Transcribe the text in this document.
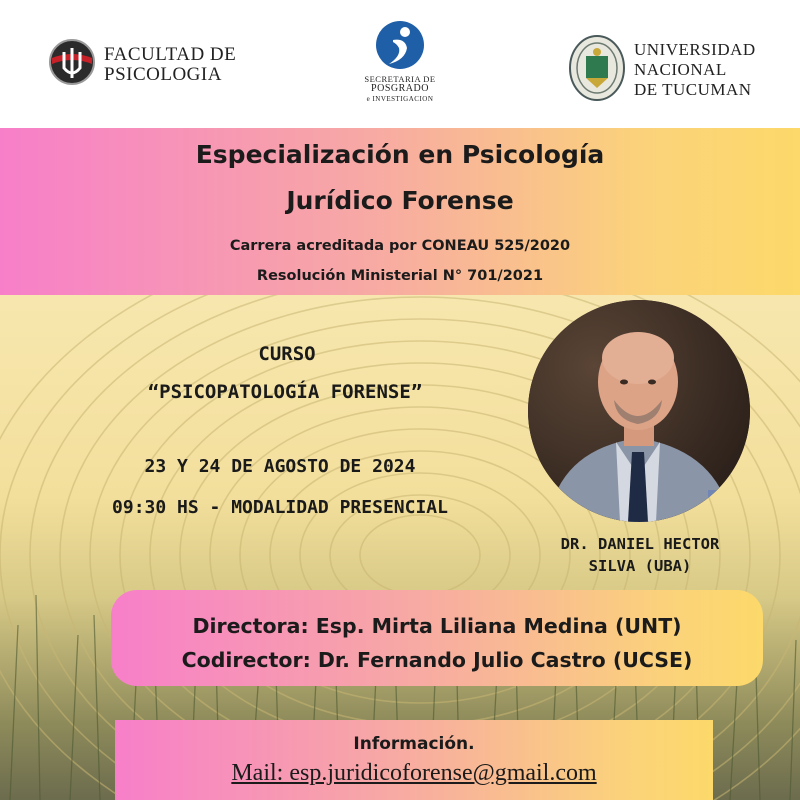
FACULTAD DE
PSICOLOGIA	SECRETARIA DE
POSGRADO
e INVESTIGACION
UNIVERSIDAD
NACIONAL
DE TUCUMAN
Especialización en Psicología
Jurídico Forense
Carrera acreditada por CONEAU 525/2020
Resolución Ministerial N° 701/2021
CURSO
“PSICOPATOLOGÍA FORENSE”
23 Y 24 DE AGOSTO DE 2024
09:30 HS - MODALIDAD PRESENCIAL
DR. DANIEL HECTOR
SILVA (UBA)
Directora: Esp. Mirta Liliana Medina (UNT)
Codirector: Dr. Fernando Julio Castro (UCSE)
Información.
Mail: esp.juridicoforense@gmail.com
